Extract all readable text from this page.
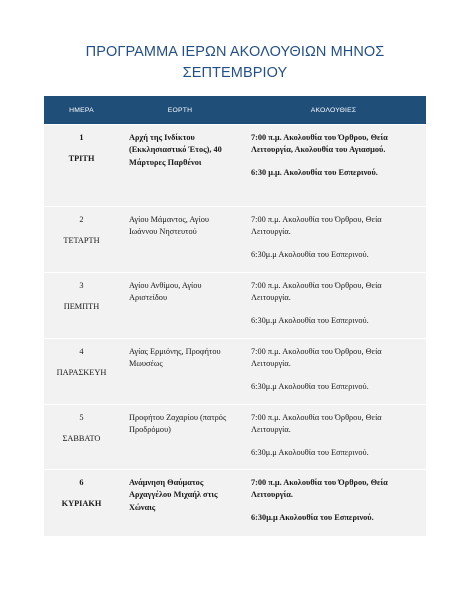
ΠΡΟΓΡΑΜΜΑ ΙΕΡΩΝ ΑΚΟΛΟΥΘΙΩΝ ΜΗΝΟΣ
ΣΕΠΤΕΜΒΡΙΟΥ
ΗΜΕΡΑ	ΕΟΡΤΗ	ΑΚΟΛΟΥΘΙΕΣ

1
ΤΡΙΤΗ	Αρχή της Ινδίκτου (Εκκλησιαστικό Έτος), 40 Μάρτυρες Παρθένοι	7:00 π.μ. Ακολουθία του Όρθρου, Θεία Λειτουργία, Ακολουθία του Αγιασμού.
6:30 μ.μ. Ακολουθία του Εσπερινού.

2
ΤΕΤΑΡΤΗ	Αγίου Μάμαντος, Αγίου Ιωάννου Νηστευτού	7:00 π.μ. Ακολουθία του Όρθρου, Θεία Λειτουργία.
6:30μ.μ Ακολουθία του Εσπερινού.

3
ΠΕΜΠΤΗ	Αγίου Ανθίμου, Αγίου Αριστείδου	7:00 π.μ. Ακολουθία του Όρθρου, Θεία Λειτουργία.
6:30μ.μ Ακολουθία του Εσπερινού.

4
ΠΑΡΑΣΚΕΥΗ	Αγίας Ερμιόνης, Προφήτου Μωυσέως	7:00 π.μ. Ακολουθία του Όρθρου, Θεία Λειτουργία.
6:30μ.μ Ακολουθία του Εσπερινού.

5
ΣΑΒΒΑΤΟ	Προφήτου Ζαχαρίου (πατρός Προδρόμου)	7:00 π.μ. Ακολουθία του Όρθρου, Θεία Λειτουργία.
6:30μ.μ Ακολουθία του Εσπερινού.

6
ΚΥΡΙΑΚΗ	Ανάμνηση Θαύματος Αρχαγγέλου Μιχαήλ στις Χώναις	7:00 π.μ. Ακολουθία του Όρθρου, Θεία Λειτουργία.
6:30μ.μ Ακολουθία του Εσπερινού.
